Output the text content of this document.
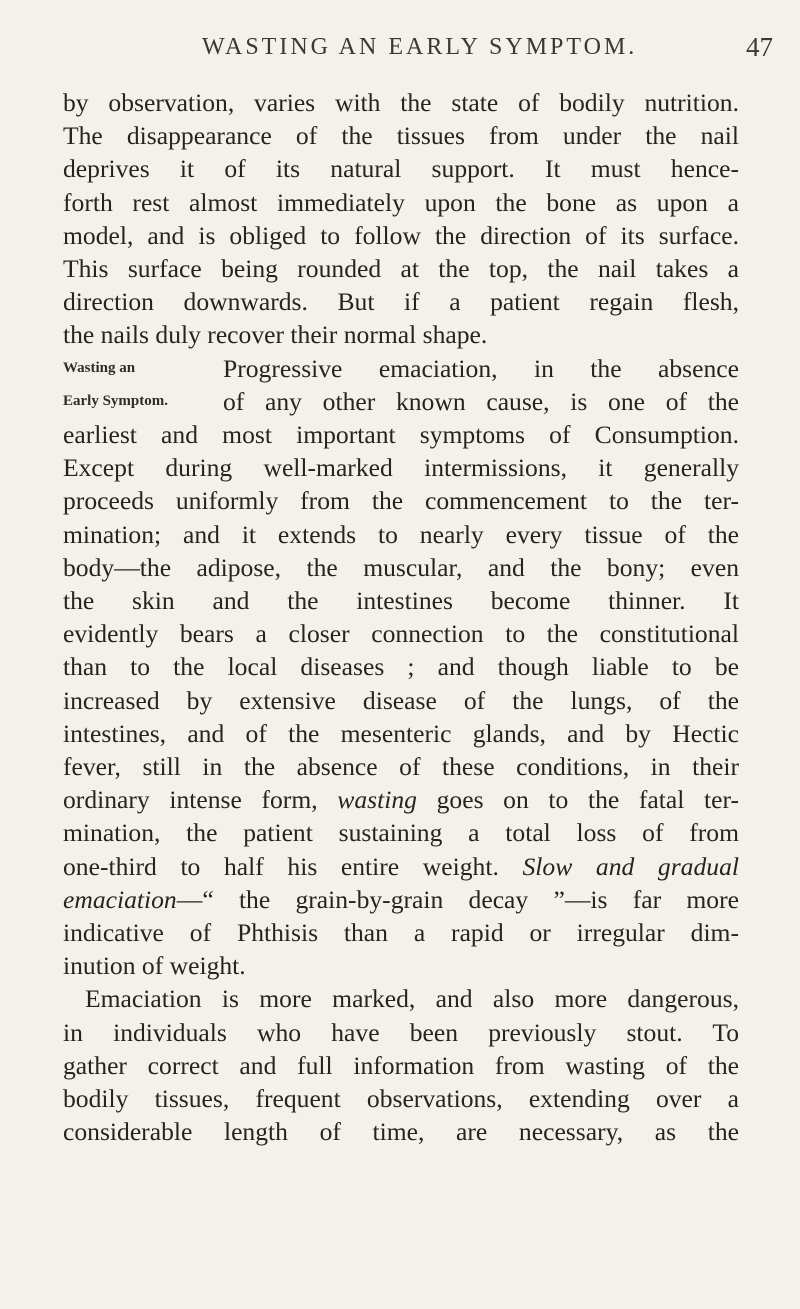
WASTING AN EARLY SYMPTOM.	47

by observation, varies with the state of bodily nutrition.
The disappearance of the tissues from under the nail
deprives it of its natural support. It must hence-
forth rest almost immediately upon the bone as upon a
model, and is obliged to follow the direction of its surface.
This surface being rounded at the top, the nail takes a
direction downwards. But if a patient regain flesh,
the nails duly recover their normal shape.

Wasting an
Early Symptom.
Progressive emaciation, in the absence
of any other known cause, is one of the
earliest and most important symptoms of Consumption.
Except during well-marked intermissions, it generally
proceeds uniformly from the commencement to the ter-
mination; and it extends to nearly every tissue of the
body—the adipose, the muscular, and the bony; even
the skin and the intestines become thinner. It
evidently bears a closer connection to the constitutional
than to the local diseases ; and though liable to be
increased by extensive disease of the lungs, of the
intestines, and of the mesenteric glands, and by Hectic
fever, still in the absence of these conditions, in their
ordinary intense form, wasting goes on to the fatal ter-
mination, the patient sustaining a total loss of from
one-third to half his entire weight. Slow and gradual
emaciation—“ the grain-by-grain decay ”—is far more
indicative of Phthisis than a rapid or irregular dim-
inution of weight.

Emaciation is more marked, and also more dangerous,
in individuals who have been previously stout. To
gather correct and full information from wasting of the
bodily tissues, frequent observations, extending over a
considerable length of time, are necessary, as the
